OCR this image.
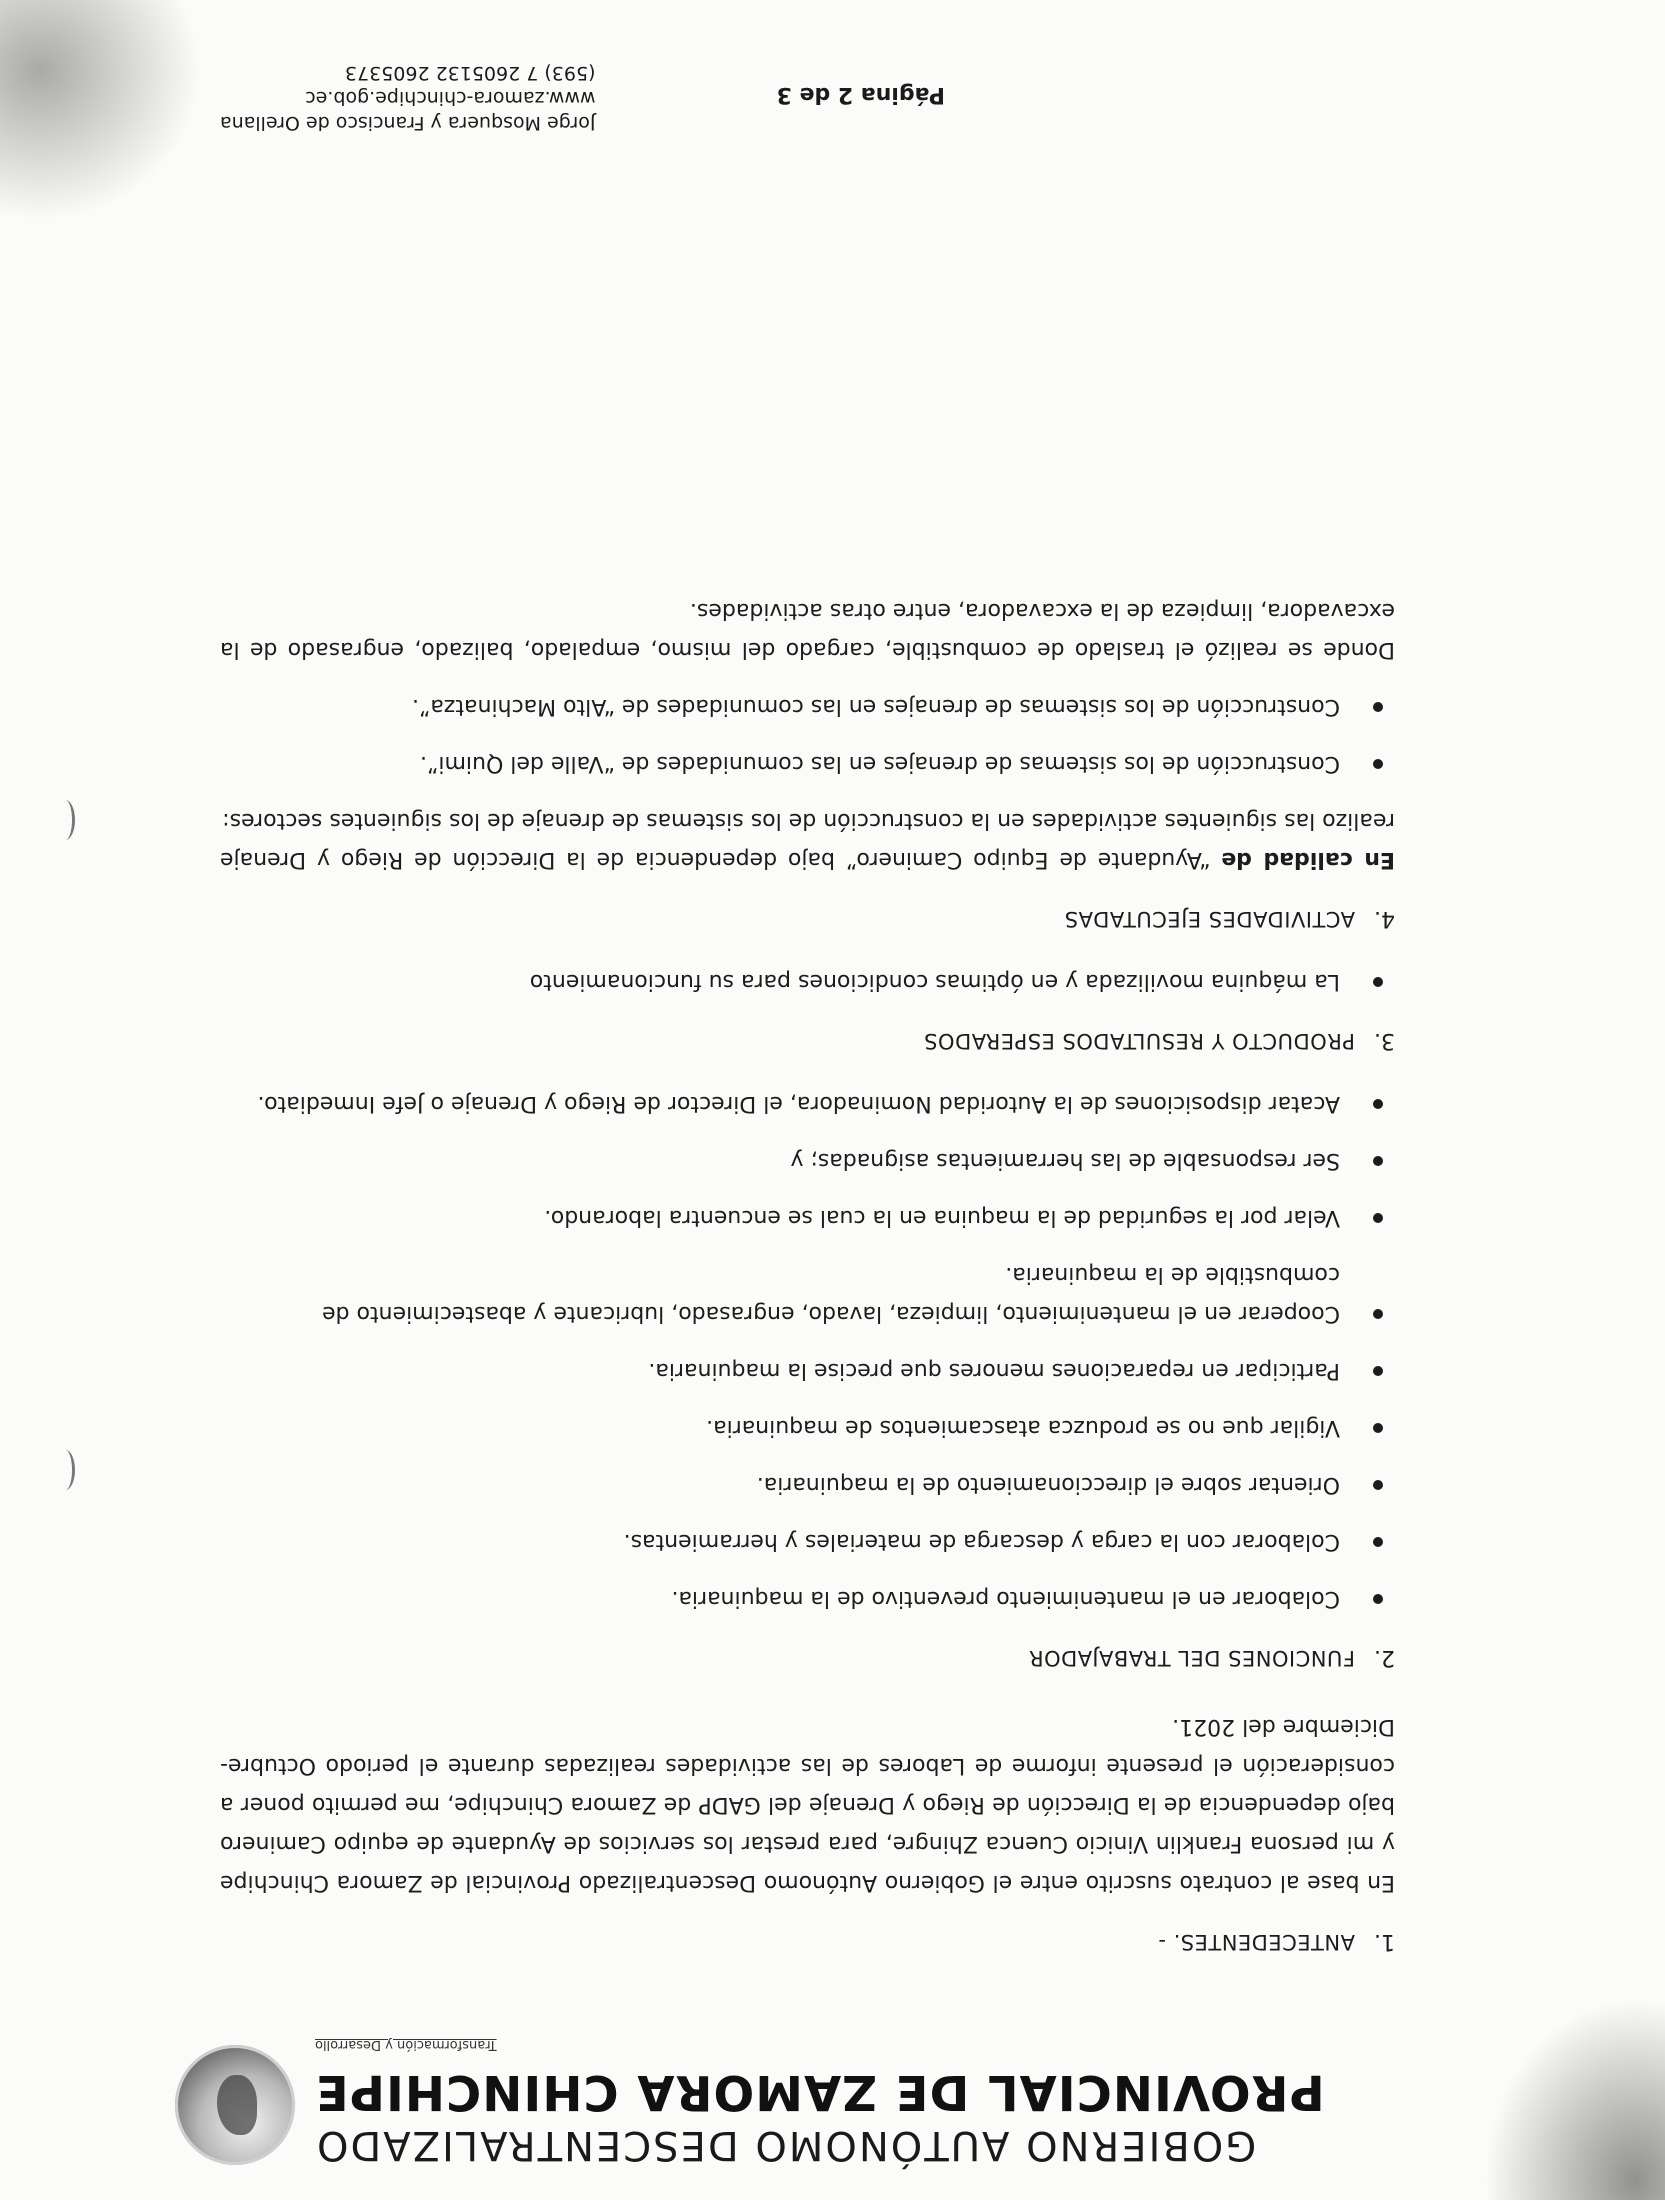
GOBIERNO AUTÓNOMO DESCENTRALIZADO
PROVINCIAL DE ZAMORA CHINCHIPE
Transformación y Desarrollo
1.
ANTECEDENTES. -

En base al contrato suscrito entre el Gobierno Autónomo Descentralizado Provincial de Zamora Chinchipe y mi persona Franklin Vinicio Cuenca Zhingre, para prestar los servicios de Ayudante de equipo Caminero bajo dependencia de la Dirección de Riego y Drenaje del GADP de Zamora Chinchipe, me permito poner a consideración el presente informe de Labores de las actividades realizadas durante el periodo Octubre-Diciembre del 2021.

2.
FUNCIONES DEL TRABAJADOR
Colaborar en el mantenimiento preventivo de la maquinaria.
Colaborar con la carga y descarga de materiales y herramientas.
Orientar sobre el direccionamiento de la maquinaria.
Vigilar que no se produzca atascamientos de maquinaria.
Participar en reparaciones menores que precise la maquinaria.
Cooperar en el mantenimiento, limpieza, lavado, engrasado, lubricante y abastecimiento de combustible de la maquinaria.
Velar por la seguridad de la maquina en la cual se encuentra laborando.
Ser responsable de las herramientas asignadas; y
Acatar disposiciones de la Autoridad Nominadora, el Director de Riego y Drenaje o Jefe Inmediato.
3.
PRODUCTO Y RESULTADOS ESPERADOS
La máquina movilizada y en óptimas condiciones para su funcionamiento
4.
ACTIVIDADES EJECUTADAS

En calidad de “Ayudante de Equipo Caminero” bajo dependencia de la Dirección de Riego y Drenaje realizo las siguientes actividades en la construcción de los sistemas de drenaje de los siguientes sectores:

Construcción de los sistemas de drenajes en las comunidades de “Valle del Quimi”.
Construcción de los sistemas de drenajes en las comunidades de “Alto Machinatza”.

Donde se realizó el traslado de combustible, cargado del mismo, empalado, balizado, engrasado de la excavadora, limpieza de la excavadora, entre otras actividades.

Página 2 de 3
Jorge Mosquera y Francisco de Orellana
www.zamora-chinchipe.gob.ec
(593) 7 2605132 2605373
